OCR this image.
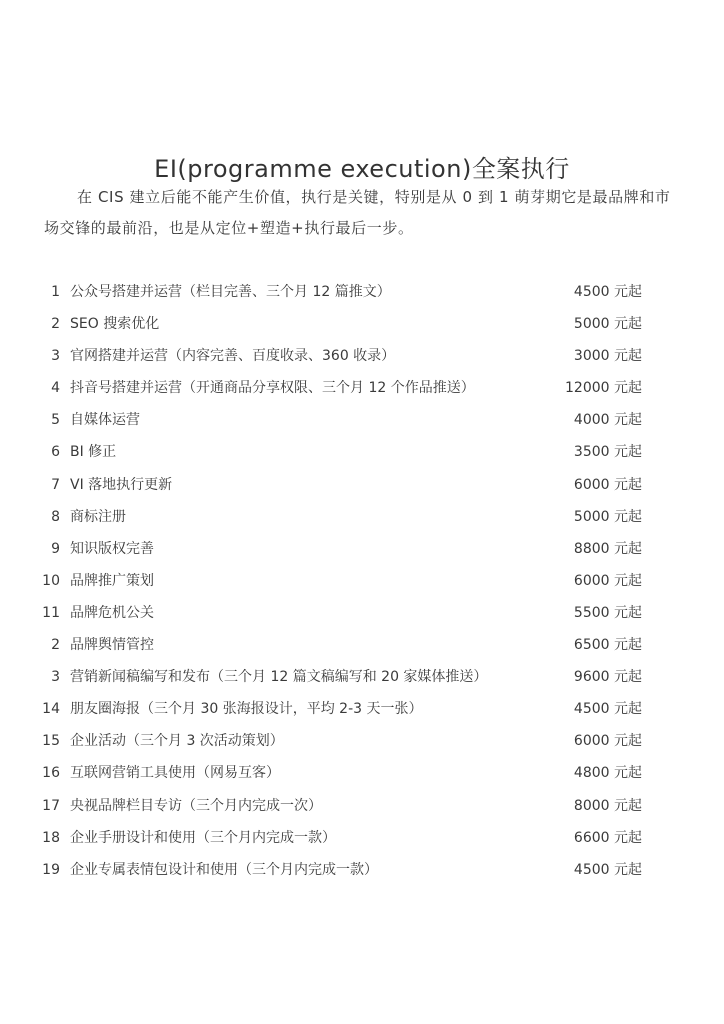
EI(programme execution)全案执行

在 CIS 建立后能不能产生价值，执行是关键，特别是从 0 到 1 萌芽期它是最品牌和市场交锋的最前沿，也是从定位+塑造+执行最后一步。

1 公众号搭建并运营（栏目完善、三个月 12 篇推文）	4500 元起
2 SEO 搜索优化	5000 元起
3 官网搭建并运营（内容完善、百度收录、360 收录）	3000 元起
4 抖音号搭建并运营（开通商品分享权限、三个月 12 个作品推送）	12000 元起
5 自媒体运营	4000 元起
6 BI 修正	3500 元起
7 VI 落地执行更新	6000 元起
8 商标注册	5000 元起
9 知识版权完善	8800 元起
10 品牌推广策划	6000 元起
11 品牌危机公关	5500 元起
2 品牌舆情管控	6500 元起
3 营销新闻稿编写和发布（三个月 12 篇文稿编写和 20 家媒体推送）	9600 元起
14 朋友圈海报（三个月 30 张海报设计，平均 2-3 天一张）	4500 元起
15 企业活动（三个月 3 次活动策划）	6000 元起
16 互联网营销工具使用（网易互客）	4800 元起
17 央视品牌栏目专访（三个月内完成一次）	8000 元起
18 企业手册设计和使用（三个月内完成一款）	6600 元起
19 企业专属表情包设计和使用（三个月内完成一款）	4500 元起
